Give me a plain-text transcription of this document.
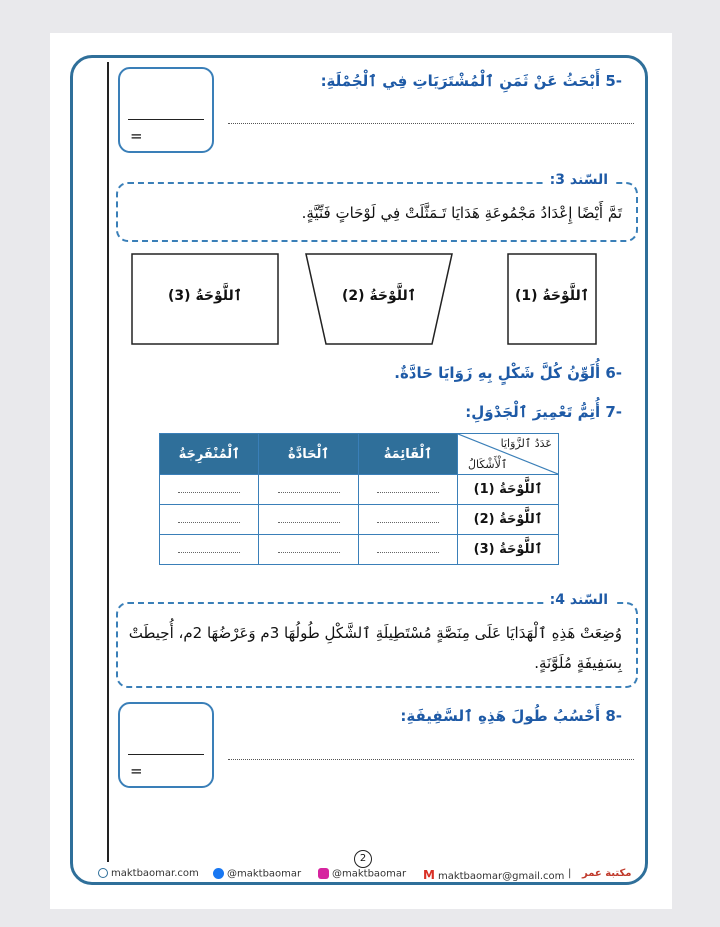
-5 أَبْحَثُ عَنْ ثَمَنِ ٱلْمُشْتَرَيَاتِ فِي ٱلْجُمْلَةِ:
=
السّند 3:
تَمَّ أَيْضًا إِعْدَادُ مَجْمُوعَةِ هَدَايَا تَـمَثَّلَتْ فِي لَوْحَاتٍ فَنِّيَّةٍ.
ٱللَّوْحَةُ (1)
ٱللَّوْحَةُ (2)
ٱللَّوْحَةُ (3)
-6 أُلَوِّنُ كُلَّ شَكْلٍ بِهِ زَوَايَا حَادَّةٌ.
-7 أُتِمُّ تَعْمِيرَ ٱلْجَدْوَلِ:
عَدَدُ ٱلزَّوَايَا
ٱلْأَشْكَالُ	ٱلْقَائِمَةُ	ٱلْحَادَّةُ	ٱلْمُنْفَرِجَةُ
ٱللَّوْحَةُ (1)			
ٱللَّوْحَةُ (2)			
ٱللَّوْحَةُ (3)			
السّند 4:
وُضِعَتْ هَذِهِ ٱلْهَدَايَا عَلَى مِنَصَّةٍ مُسْتَطِيلَةِ ٱلشَّكْلِ طُولُهَا 3م وَعَرْضُهَا 2م، أُحِيطَتْ بِسَفِيفَةٍ مُلَوَّنَةٍ.
-8 أَحْسُبُ طُولَ هَذِهِ ٱلسَّفِيفَةِ:
=
2
maktbaomar.com	@maktbaomar	@maktbaomar M maktbaomar@gmail.com | مكتبة عمر
